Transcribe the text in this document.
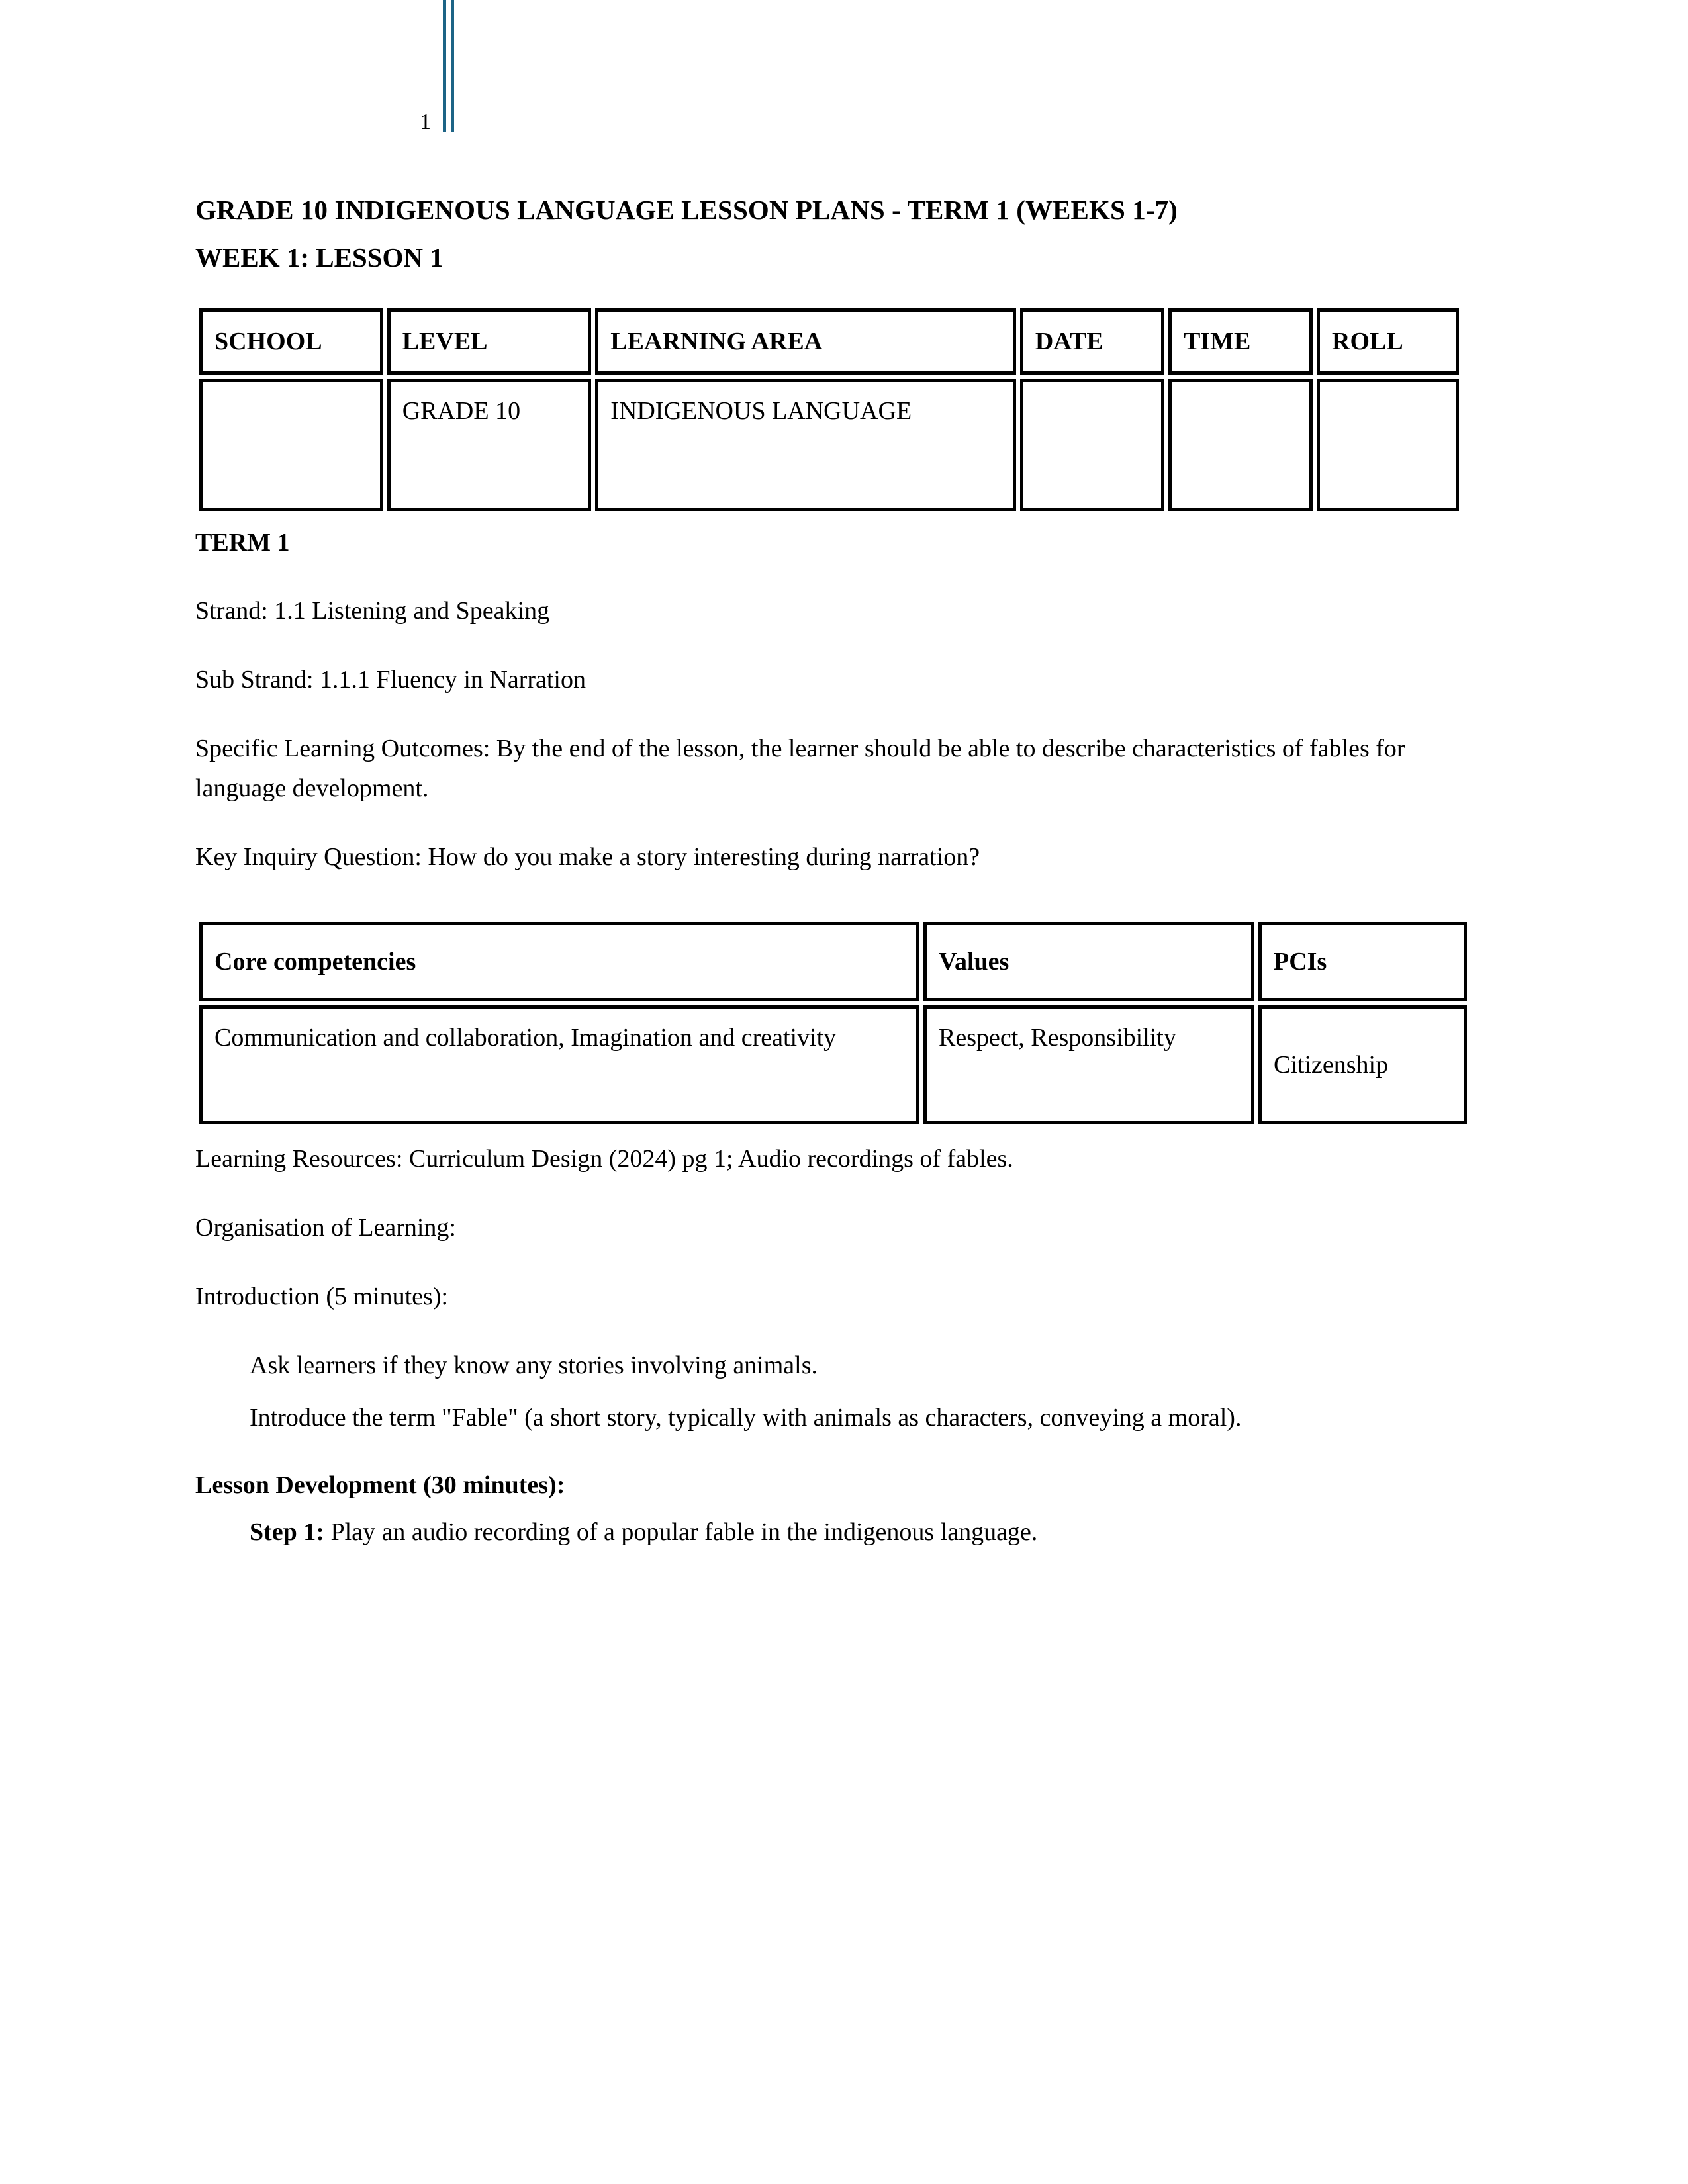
1
GRADE 10 INDIGENOUS LANGUAGE LESSON PLANS - TERM 1 (WEEKS 1-7)
WEEK 1: LESSON 1
SCHOOL	LEVEL	LEARNING AREA	DATE	TIME	ROLL
	GRADE 10	INDIGENOUS LANGUAGE			

TERM 1

Strand: 1.1 Listening and Speaking

Sub Strand: 1.1.1 Fluency in Narration

Specific Learning Outcomes: By the end of the lesson, the learner should be able to describe characteristics of fables for language development.

Key Inquiry Question: How do you make a story interesting during narration?

Core competencies	Values	PCIs
Communication and collaboration, Imagination and creativity	Respect, Responsibility	Citizenship

Learning Resources: Curriculum Design (2024) pg 1; Audio recordings of fables.

Organisation of Learning:

Introduction (5 minutes):

Ask learners if they know any stories involving animals.
Introduce the term "Fable" (a short story, typically with animals as characters, conveying a moral).

Lesson Development (30 minutes):

Step 1: Play an audio recording of a popular fable in the indigenous language.
